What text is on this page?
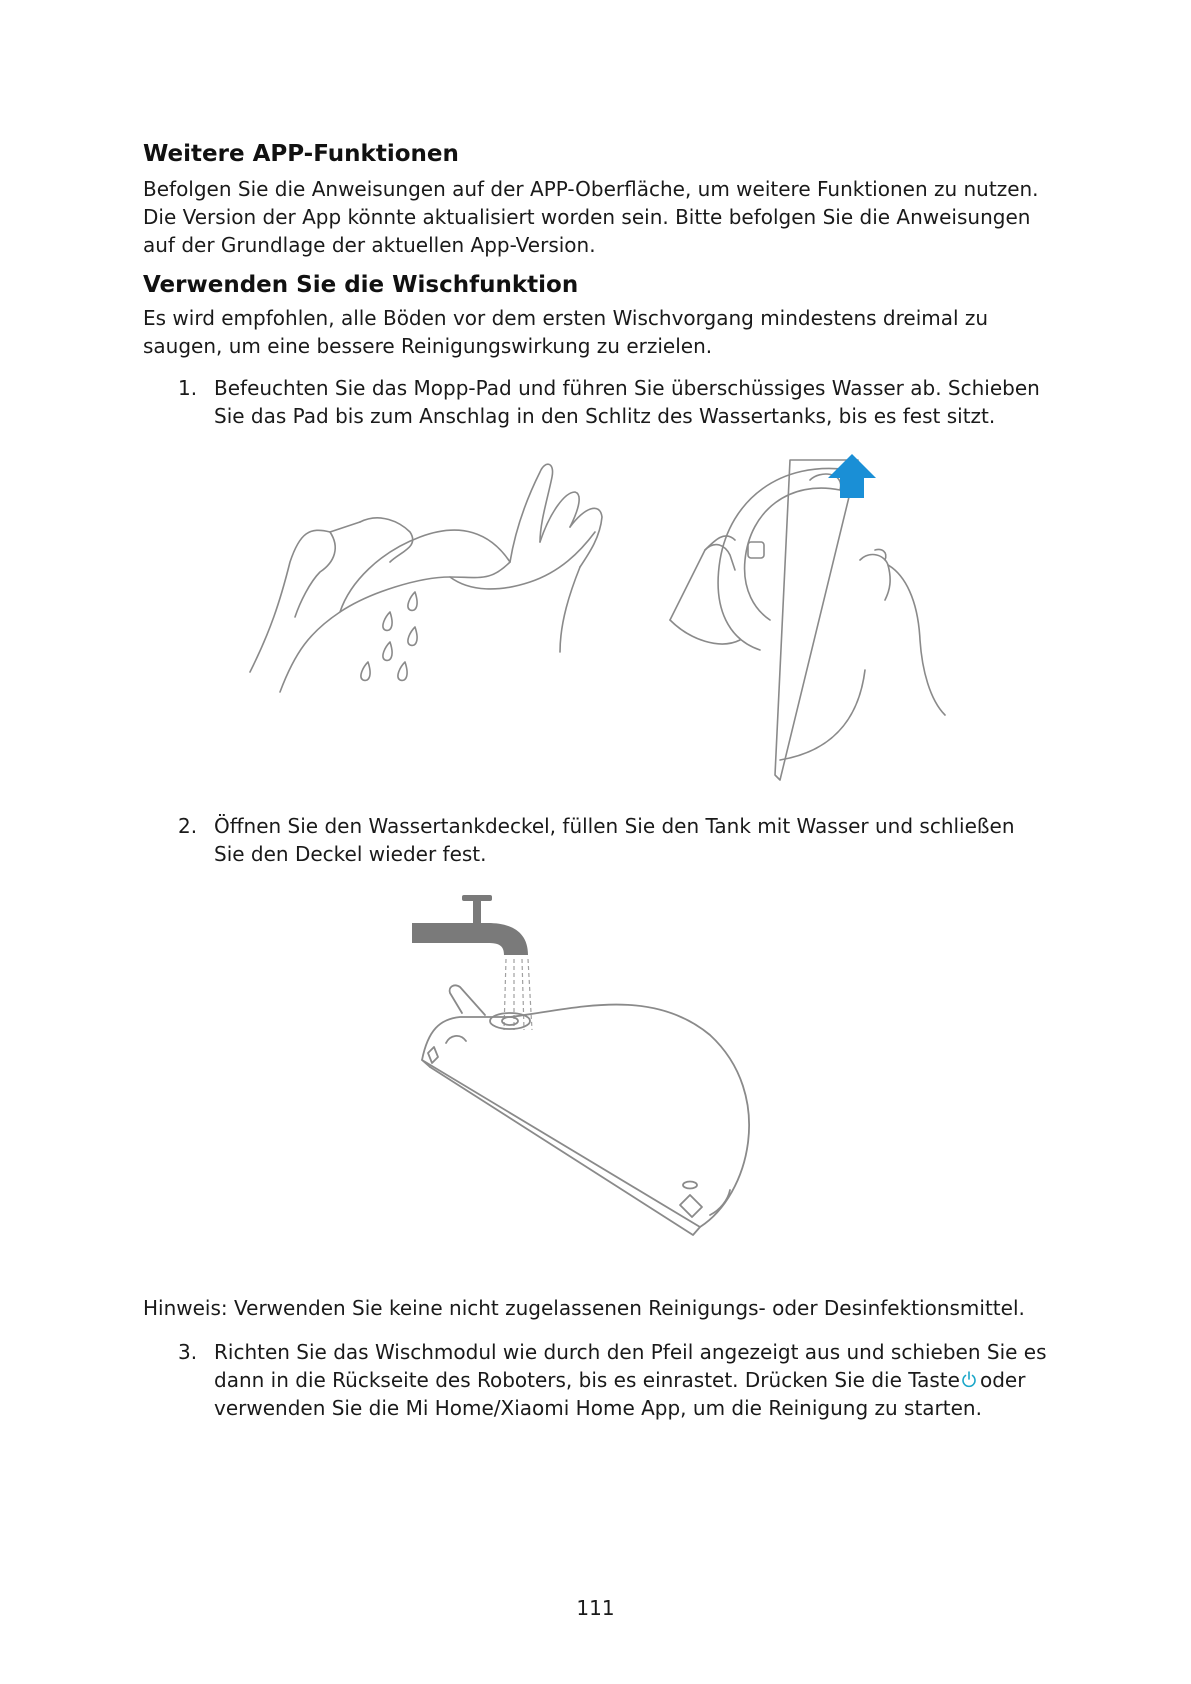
Weitere APP-Funktionen
Befolgen Sie die Anweisungen auf der APP-Oberfläche, um weitere Funktionen zu nutzen.
Die Version der App könnte aktualisiert worden sein. Bitte befolgen Sie die Anweisungen
auf der Grundlage der aktuellen App-Version.
Verwenden Sie die Wischfunktion
Es wird empfohlen, alle Böden vor dem ersten Wischvorgang mindestens dreimal zu
saugen, um eine bessere Reinigungswirkung zu erzielen.
1. Befeuchten Sie das Mopp-Pad und führen Sie überschüssiges Wasser ab. Schieben
Sie das Pad bis zum Anschlag in den Schlitz des Wassertanks, bis es fest sitzt.
2. Öffnen Sie den Wassertankdeckel, füllen Sie den Tank mit Wasser und schließen
Sie den Deckel wieder fest.
Hinweis: Verwenden Sie keine nicht zugelassenen Reinigungs- oder Desinfektionsmittel.
3. Richten Sie das Wischmodul wie durch den Pfeil angezeigt aus und schieben Sie es
dann in die Rückseite des Roboters, bis es einrastet. Drücken Sie die Taste oder
verwenden Sie die Mi Home/Xiaomi Home App, um die Reinigung zu starten.
111
